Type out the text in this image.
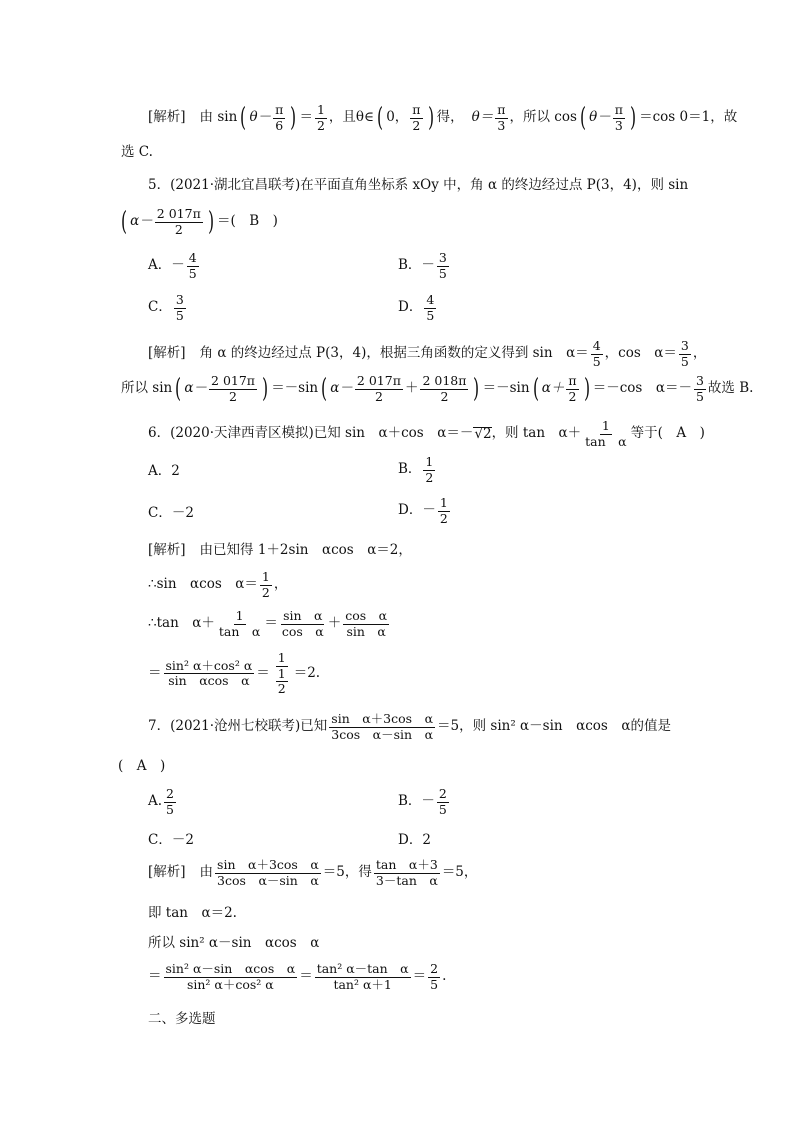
[解析] 由 sin ( $\theta- \frac{\pi}{6}$ ) ＝ $\frac{1}{2}$ ，且θ∈ ( 0， $\frac{\pi}{2}$ ) 得， $\theta= \frac{\pi}{3}$ ，所以 cos ( $\theta- \frac{\pi}{3}$ ) ＝cos 0＝1，故
选 C.
5．(2021·湖北宜昌联考)在平面直角坐标系 xOy 中，角 α 的终边经过点 P(3，4)，则 sin
( $\alpha- \frac{2 017\pi}{2}$ ) ＝(　B　)
A．－ $\frac{4}{5}$	B．－ $\frac{3}{5}$
C． $\frac{3}{5}$	D． $\frac{4}{5}$
[解析] 角 α 的终边经过点 P(3，4)，根据三角函数的定义得到 sin　$\alpha= \frac{4}{5}$ ，cos　$\alpha= \frac{3}{5}$ ，
所以 sin ( $\alpha- \frac{2 017\pi}{2}$ ) ＝－sin ( $\alpha- \frac{2 017\pi}{2} + \frac{2 018\pi}{2}$ ) ＝－sin ( $\alpha+ \frac{\pi}{2}$ ) ＝－cos　$\alpha=- \frac{3}{5}$ 故选 B.
6．(2020·天津西青区模拟)已知 sin　α＋cos　α＝－ √2 ，则 tan　$\alpha+ \frac{1}{\text{tan　α}}$ 等于(　A　)
A．2	B． $\frac{1}{2}$
C．－2	D．－ $\frac{1}{2}$
[解析] 由已知得 1＋2sin　αcos　α＝2，
∴sin　αcos　$\alpha= \frac{1}{2}$ ，
∴tan　$\alpha+ \frac{1}{\text{tan　α}} = \frac{\text{sin　α}}{\text{cos　α}} + \frac{\text{cos　α}}{\text{sin　α}}$
＝ $\frac{\text{sin² α＋cos² α}}{\text{sin　αcos　α}} = \frac{1}{\frac{1}{2}} =2$.
7．(2021·沧州七校联考)已知 $\frac{\text{sin　α＋3cos　α}}{\text{3cos　α－sin　α}} =5$，则 sin² α－sin　αcos　α的值是
(　A　)
A. $\frac{2}{5}$	B．－ $\frac{2}{5}$
C．－2	D．2
[解析] 由 $\frac{\text{sin　α＋3cos　α}}{\text{3cos　α－sin　α}} =5$，得 $\frac{\text{tan　α＋3}}{\text{3－tan　α}} =5$，
即 tan　α＝2.
所以 sin² α－sin　αcos　α
＝ $\frac{\text{sin² α－sin　αcos　α}}{\text{sin² α＋cos² α}} = \frac{\text{tan² α－tan　α}}{\text{tan² α＋1}} = \frac{2}{5}$ .
二、多选题
